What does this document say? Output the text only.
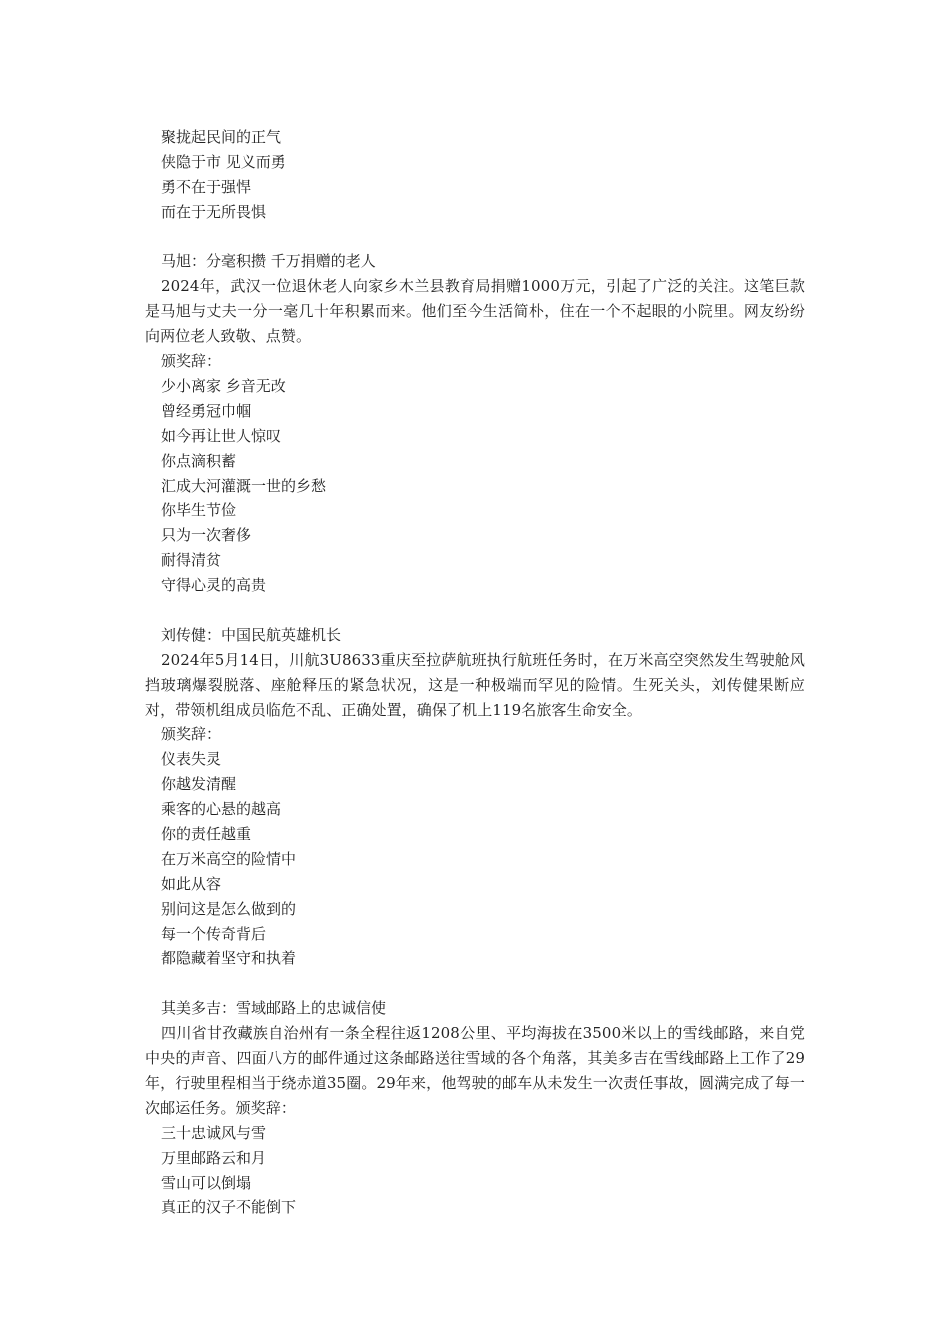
聚拢起民间的正气
侠隐于市 见义而勇
勇不在于强悍
而在于无所畏惧
马旭：分毫积攒 千万捐赠的老人
2024年，武汉一位退休老人向家乡木兰县教育局捐赠1000万元，引起了广泛的关注。这笔巨款是马旭与丈夫一分一毫几十年积累而来。他们至今生活简朴，住在一个不起眼的小院里。网友纷纷向两位老人致敬、点赞。
颁奖辞：
少小离家 乡音无改
曾经勇冠巾帼
如今再让世人惊叹
你点滴积蓄
汇成大河灌溉一世的乡愁
你毕生节俭
只为一次奢侈
耐得清贫
守得心灵的高贵
刘传健：中国民航英雄机长
2024年5月14日，川航3U8633重庆至拉萨航班执行航班任务时，在万米高空突然发生驾驶舱风挡玻璃爆裂脱落、座舱释压的紧急状况，这是一种极端而罕见的险情。生死关头，刘传健果断应对，带领机组成员临危不乱、正确处置，确保了机上119名旅客生命安全。
颁奖辞：
仪表失灵
你越发清醒
乘客的心悬的越高
你的责任越重
在万米高空的险情中
如此从容
别问这是怎么做到的
每一个传奇背后
都隐藏着坚守和执着
其美多吉：雪域邮路上的忠诚信使
四川省甘孜藏族自治州有一条全程往返1208公里、平均海拔在3500米以上的雪线邮路，来自党中央的声音、四面八方的邮件通过这条邮路送往雪域的各个角落，其美多吉在雪线邮路上工作了29年，行驶里程相当于绕赤道35圈。29年来，他驾驶的邮车从未发生一次责任事故，圆满完成了每一次邮运任务。颁奖辞：
三十忠诚风与雪
万里邮路云和月
雪山可以倒塌
真正的汉子不能倒下
